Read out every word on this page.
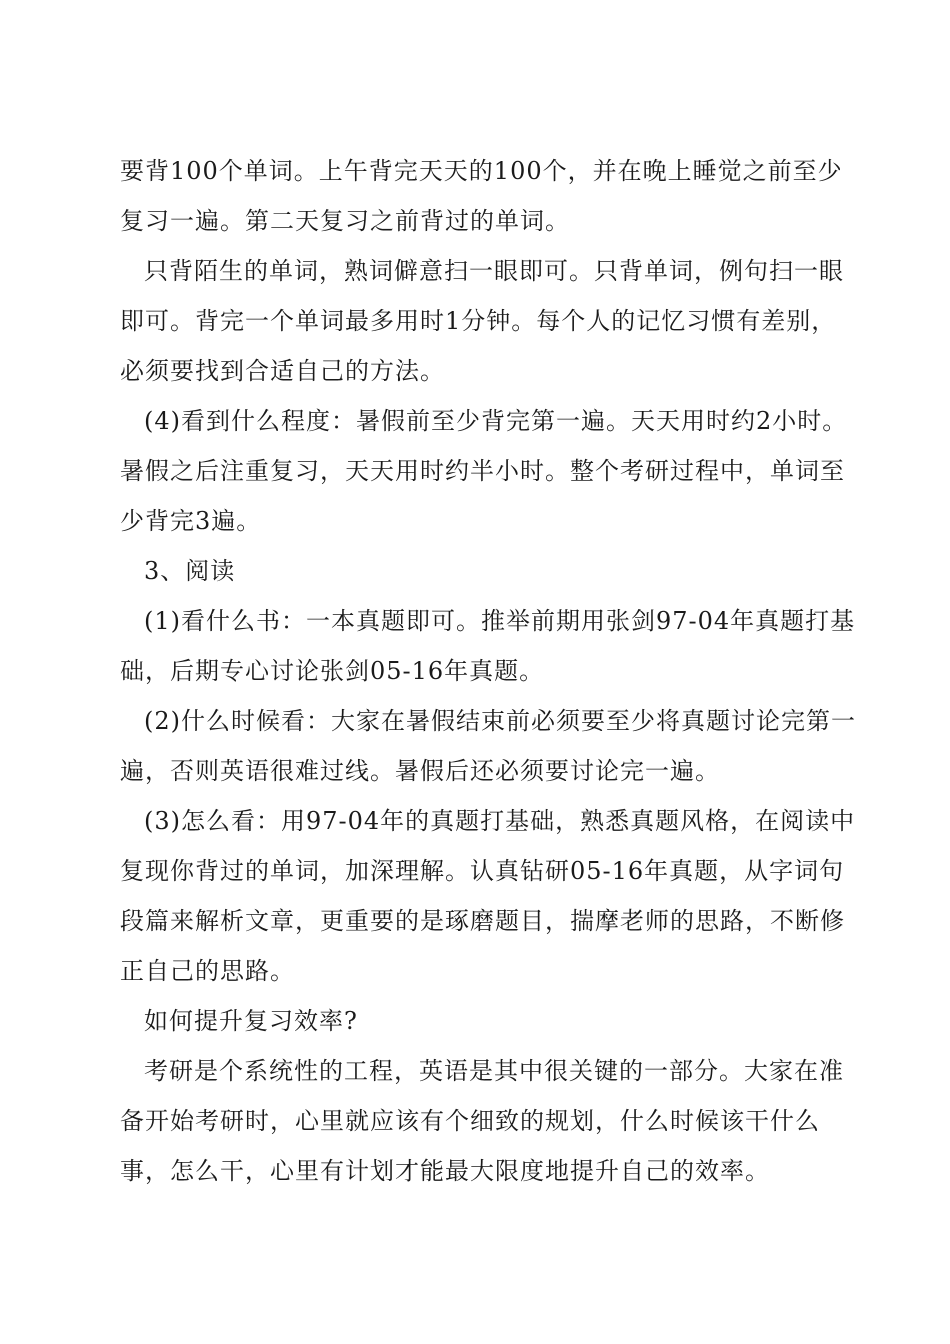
要背100个单词。上午背完天天的100个，并在晚上睡觉之前至少复习一遍。第二天复习之前背过的单词。

只背陌生的单词，熟词僻意扫一眼即可。只背单词，例句扫一眼即可。背完一个单词最多用时1分钟。每个人的记忆习惯有差别，必须要找到合适自己的方法。

(4)看到什么程度：暑假前至少背完第一遍。天天用时约2小时。暑假之后注重复习，天天用时约半小时。整个考研过程中，单词至少背完3遍。

3、阅读

(1)看什么书：一本真题即可。推举前期用张剑97-04年真题打基础，后期专心讨论张剑05-16年真题。

(2)什么时候看：大家在暑假结束前必须要至少将真题讨论完第一遍，否则英语很难过线。暑假后还必须要讨论完一遍。

(3)怎么看：用97-04年的真题打基础，熟悉真题风格，在阅读中复现你背过的单词，加深理解。认真钻研05-16年真题，从字词句段篇来解析文章，更重要的是琢磨题目，揣摩老师的思路，不断修正自己的思路。

如何提升复习效率?

考研是个系统性的工程，英语是其中很关键的一部分。大家在准备开始考研时，心里就应该有个细致的规划，什么时候该干什么事，怎么干，心里有计划才能最大限度地提升自己的效率。
